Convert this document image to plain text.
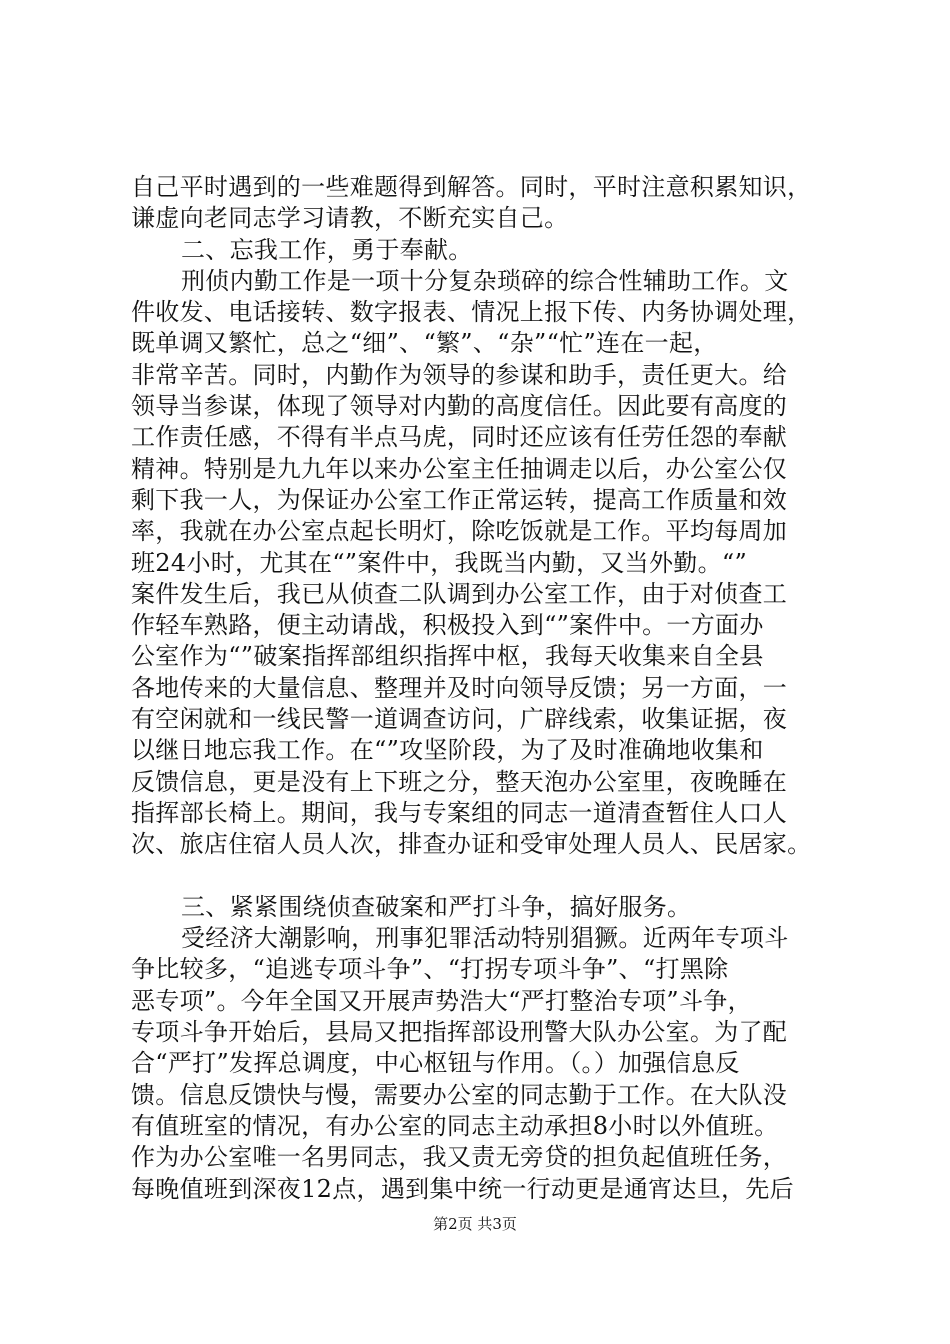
自己平时遇到的一些难题得到解答。同时，平时注意积累知识，
谦虚向老同志学习请教，不断充实自己。
二、忘我工作，勇于奉献。
刑侦内勤工作是一项十分复杂琐碎的综合性辅助工作。文
件收发、电话接转、数字报表、情况上报下传、内务协调处理，
既单调又繁忙，总之“细”、“繁”、“杂”“忙”连在一起，
非常辛苦。同时，内勤作为领导的参谋和助手，责任更大。给
领导当参谋，体现了领导对内勤的高度信任。因此要有高度的
工作责任感，不得有半点马虎，同时还应该有任劳任怨的奉献
精神。特别是九九年以来办公室主任抽调走以后，办公室公仅
剩下我一人，为保证办公室工作正常运转，提高工作质量和效
率，我就在办公室点起长明灯，除吃饭就是工作。平均每周加
班24小时，尤其在“”案件中，我既当内勤，又当外勤。“”
案件发生后，我已从侦查二队调到办公室工作，由于对侦查工
作轻车熟路，便主动请战，积极投入到“”案件中。一方面办
公室作为“”破案指挥部组织指挥中枢，我每天收集来自全县
各地传来的大量信息、整理并及时向领导反馈；另一方面，一
有空闲就和一线民警一道调查访问，广辟线索，收集证据，夜
以继日地忘我工作。在“”攻坚阶段，为了及时准确地收集和
反馈信息，更是没有上下班之分，整天泡办公室里，夜晚睡在
指挥部长椅上。期间，我与专案组的同志一道清查暂住人口人
次、旅店住宿人员人次，排查办证和受审处理人员人、民居家。
三、紧紧围绕侦查破案和严打斗争，搞好服务。
受经济大潮影响，刑事犯罪活动特别猖獗。近两年专项斗
争比较多，“追逃专项斗争”、“打拐专项斗争”、“打黑除
恶专项”。今年全国又开展声势浩大“严打整治专项”斗争，
专项斗争开始后，县局又把指挥部设刑警大队办公室。为了配
合“严打”发挥总调度，中心枢钮与作用。（。）加强信息反
馈。信息反馈快与慢，需要办公室的同志勤于工作。在大队没
有值班室的情况，有办公室的同志主动承担8小时以外值班。
作为办公室唯一名男同志，我又责无旁贷的担负起值班任务，
每晚值班到深夜12点，遇到集中统一行动更是通宵达旦，先后
第2页 共3页
